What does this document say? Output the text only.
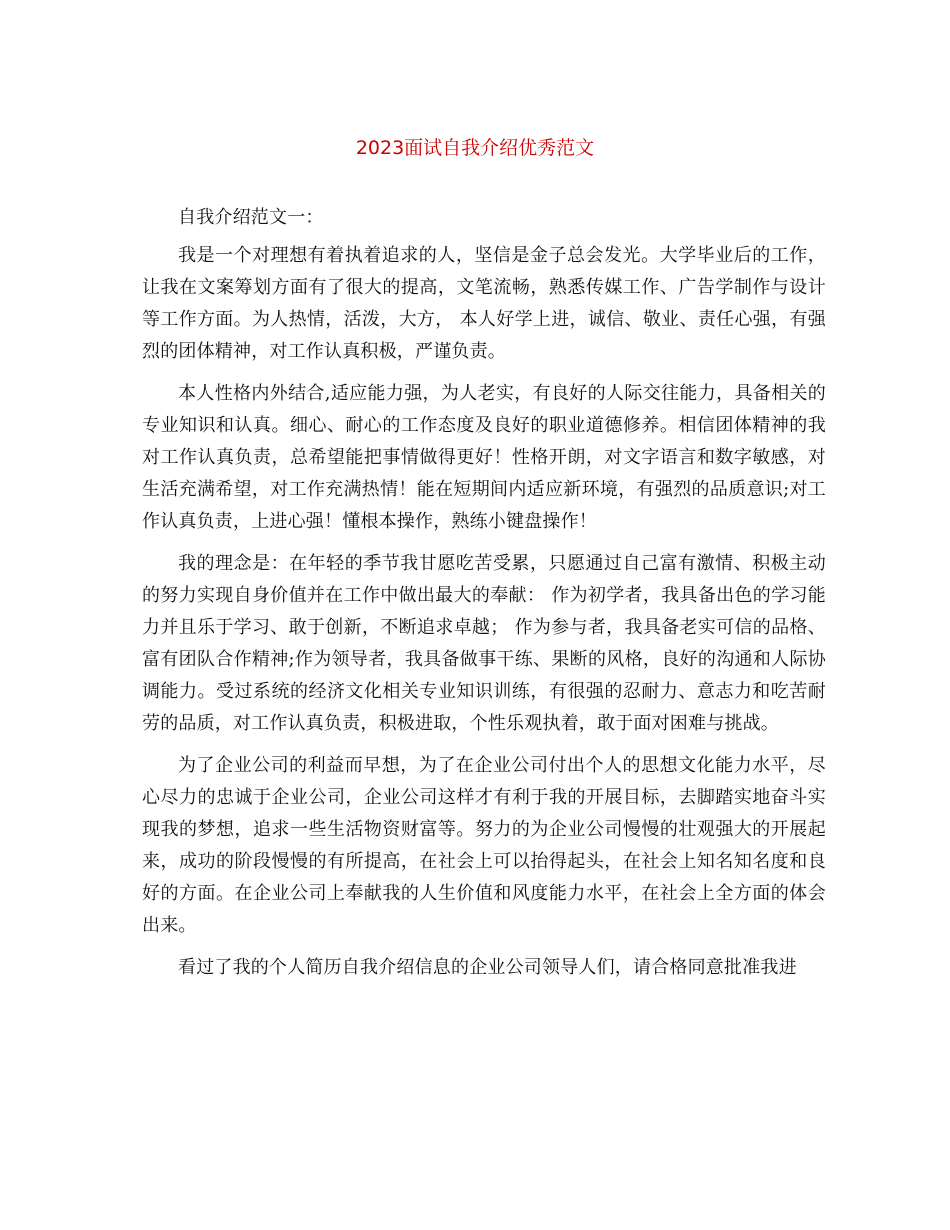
2023面试自我介绍优秀范文

自我介绍范文一：

我是一个对理想有着执着追求的人，坚信是金子总会发光。大学毕业后的工作，让我在文案筹划方面有了很大的提高，文笔流畅，熟悉传媒工作、广告学制作与设计等工作方面。为人热情，活泼，大方， 本人好学上进，诚信、敬业、责任心强，有强烈的团体精神，对工作认真积极，严谨负责。

本人性格内外结合,适应能力强，为人老实，有良好的人际交往能力，具备相关的专业知识和认真。细心、耐心的工作态度及良好的职业道德修养。相信团体精神的我对工作认真负责，总希望能把事情做得更好！性格开朗，对文字语言和数字敏感，对生活充满希望，对工作充满热情！能在短期间内适应新环境，有强烈的品质意识;对工作认真负责，上进心强！懂根本操作，熟练小键盘操作！

我的理念是：在年轻的季节我甘愿吃苦受累，只愿通过自己富有激情、积极主动的努力实现自身价值并在工作中做出最大的奉献： 作为初学者，我具备出色的学习能力并且乐于学习、敢于创新，不断追求卓越； 作为参与者，我具备老实可信的品格、富有团队合作精神;作为领导者，我具备做事干练、果断的风格，良好的沟通和人际协调能力。受过系统的经济文化相关专业知识训练，有很强的忍耐力、意志力和吃苦耐劳的品质，对工作认真负责，积极进取，个性乐观执着，敢于面对困难与挑战。

为了企业公司的利益而早想，为了在企业公司付出个人的思想文化能力水平，尽心尽力的忠诚于企业公司，企业公司这样才有利于我的开展目标，去脚踏实地奋斗实现我的梦想，追求一些生活物资财富等。努力的为企业公司慢慢的壮观强大的开展起来，成功的阶段慢慢的有所提高，在社会上可以抬得起头，在社会上知名知名度和良好的方面。在企业公司上奉献我的人生价值和风度能力水平，在社会上全方面的体会出来。

看过了我的个人简历自我介绍信息的企业公司领导人们，请合格同意批准我进
